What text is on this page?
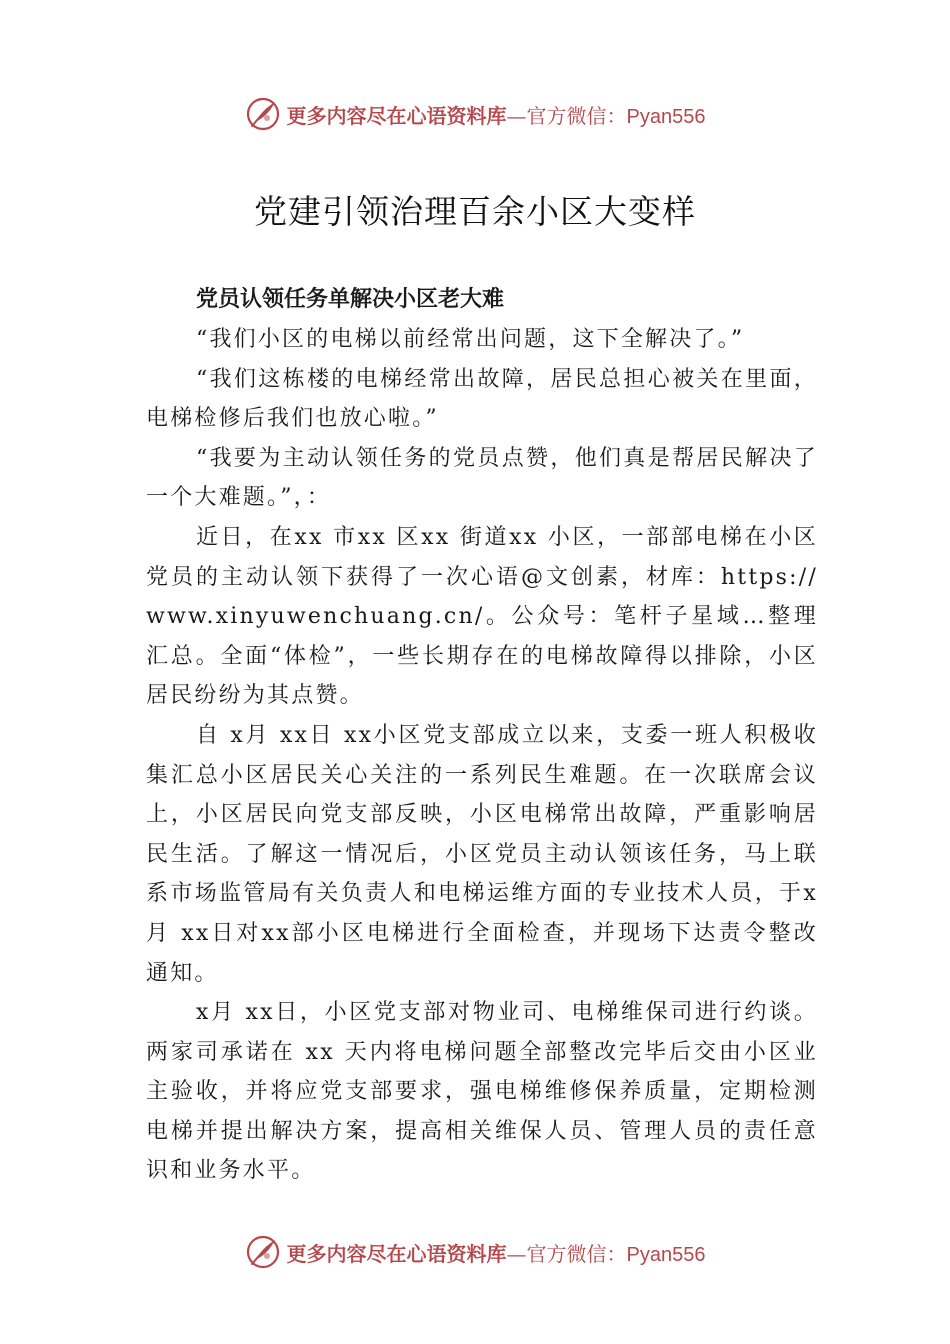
更多内容尽在心语资料库—官方微信：Pyan556
党建引领治理百余小区大变样
党员认领任务单解决小区老大难

“我们小区的电梯以前经常出问题，这下全解决了。”

“我们这栋楼的电梯经常出故障，居民总担心被关在里面，电梯检修后我们也放心啦。”

“我要为主动认领任务的党员点赞，他们真是帮居民解决了一个大难题。”，：

近日，在xx 市xx 区xx 街道xx 小区，一部部电梯在小区党员的主动认领下获得了一次心语@文创素，材库：https://www.xinyuwenchuang.cn/。公众号：笔杆子星域…整理汇总。全面“体检”，一些长期存在的电梯故障得以排除，小区居民纷纷为其点赞。

自 x月 xx日 xx小区党支部成立以来，支委一班人积极收集汇总小区居民关心关注的一系列民生难题。在一次联席会议上，小区居民向党支部反映，小区电梯常出故障，严重影响居民生活。了解这一情况后，小区党员主动认领该任务，马上联系市场监管局有关负责人和电梯运维方面的专业技术人员，于x月 xx日对xx部小区电梯进行全面检查，并现场下达责令整改通知。

x月 xx日，小区党支部对物业司、电梯维保司进行约谈。两家司承诺在 xx 天内将电梯问题全部整改完毕后交由小区业主验收，并将应党支部要求，强电梯维修保养质量，定期检测电梯并提出解决方案，提高相关维保人员、管理人员的责任意识和业务水平。

更多内容尽在心语资料库—官方微信：Pyan556
